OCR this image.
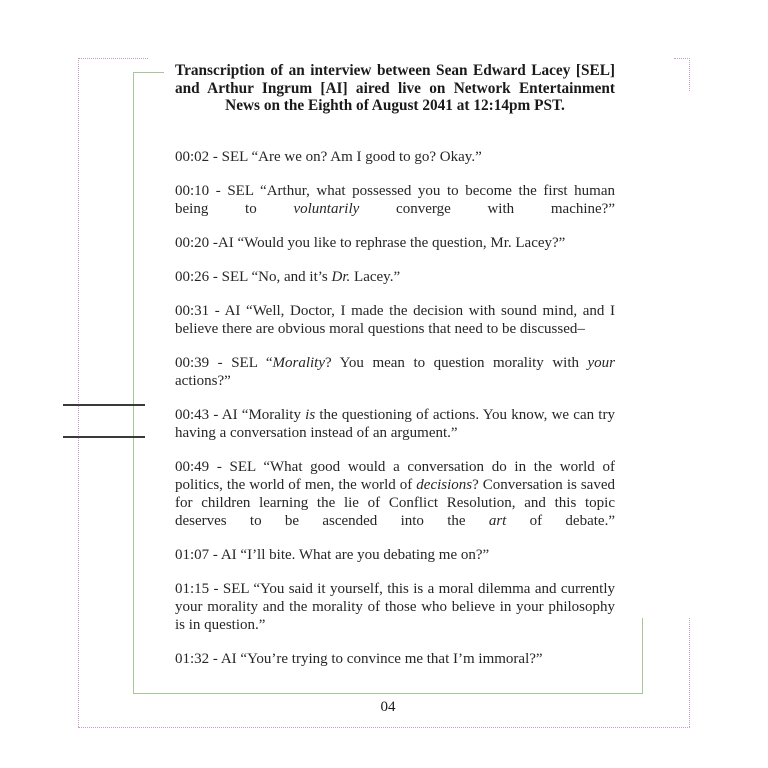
Transcription of an interview between Sean Edward Lacey [SEL] and Arthur Ingrum [AI] aired live on Network Entertainment News on the Eighth of August 2041 at 12:14pm PST.

00:02 - SEL “Are we on? Am I good to go? Okay.”

00:10 - SEL “Arthur, what possessed you to become the first human being to voluntarily converge with machine?”

00:20 -AI “Would you like to rephrase the question, Mr. Lacey?”

00:26 - SEL “No, and it’s Dr. Lacey.”

00:31 - AI “Well, Doctor, I made the decision with sound mind, and I believe there are obvious moral questions that need to be discussed–

00:39 - SEL “Morality? You mean to question morality with your actions?”

00:43 - AI “Morality is the questioning of actions. You know, we can try having a conversation instead of an argument.”

00:49 - SEL “What good would a conversation do in the world of politics, the world of men, the world of decisions? Conversation is saved for children learning the lie of Conflict Resolution, and this topic deserves to be ascended into the art of debate.”

01:07 - AI “I’ll bite. What are you debating me on?”

01:15 - SEL “You said it yourself, this is a moral dilemma and currently your morality and the morality of those who believe in your philosophy is in question.”

01:32 - AI “You’re trying to convince me that I’m immoral?”

04
